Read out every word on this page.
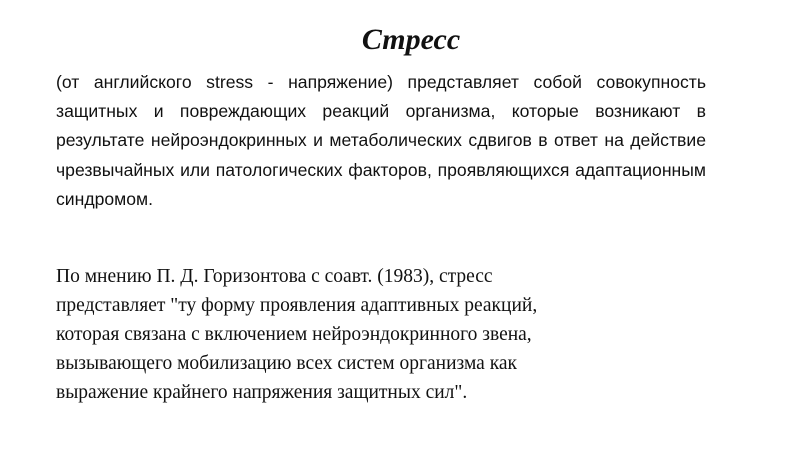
Стресс

(от английского stress - напряжение) представляет собой совокупность защитных и повреждающих реакций организма, которые возникают в результате нейроэндокринных и метаболических сдвигов в ответ на действие чрезвычайных или патологических факторов, проявляющихся адаптационным синдромом.

По мнению П. Д. Горизонтова с соавт. (1983), стресс
представляет "ту форму проявления адаптивных реакций,
которая связана с включением нейроэндокринного звена,
вызывающего мобилизацию всех систем организма как
выражение крайнего напряжения защитных сил".
